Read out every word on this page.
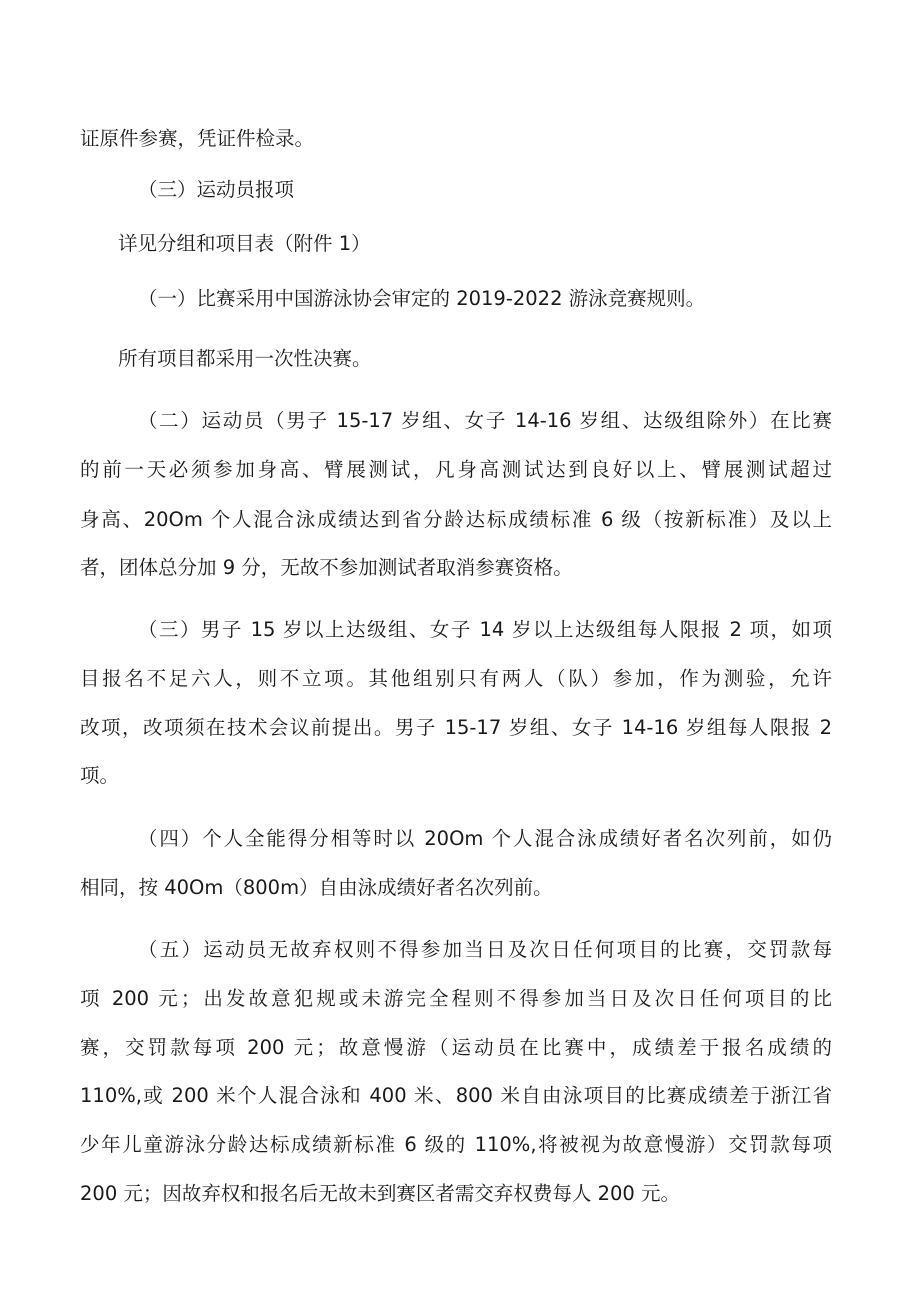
证原件参赛，凭证件检录。
（三）运动员报项
详见分组和项目表（附件 1）
（一）比赛采用中国游泳协会审定的 2019-2022 游泳竞赛规则。
所有项目都采用一次性决赛。
（二）运动员（男子 15-17 岁组、女子 14-16 岁组、达级组除外）在比赛
的前一天必须参加身高、臂展测试，凡身高测试达到良好以上、臂展测试超过
身高、20Om 个人混合泳成绩达到省分龄达标成绩标准 6 级（按新标准）及以上
者，团体总分加 9 分，无故不参加测试者取消参赛资格。
（三）男子 15 岁以上达级组、女子 14 岁以上达级组每人限报 2 项，如项
目报名不足六人，则不立项。其他组别只有两人（队）参加，作为测验，允许
改项，改项须在技术会议前提出。男子 15-17 岁组、女子 14-16 岁组每人限报 2
项。
（四）个人全能得分相等时以 20Om 个人混合泳成绩好者名次列前，如仍
相同，按 40Om（800m）自由泳成绩好者名次列前。
（五）运动员无故弃权则不得参加当日及次日任何项目的比赛，交罚款每
项 200 元；出发故意犯规或未游完全程则不得参加当日及次日任何项目的比
赛，交罚款每项 200 元；故意慢游（运动员在比赛中，成绩差于报名成绩的
110%,或 200 米个人混合泳和 400 米、800 米自由泳项目的比赛成绩差于浙江省
少年儿童游泳分龄达标成绩新标准 6 级的 110%,将被视为故意慢游）交罚款每项
200 元；因故弃权和报名后无故未到赛区者需交弃权费每人 200 元。
